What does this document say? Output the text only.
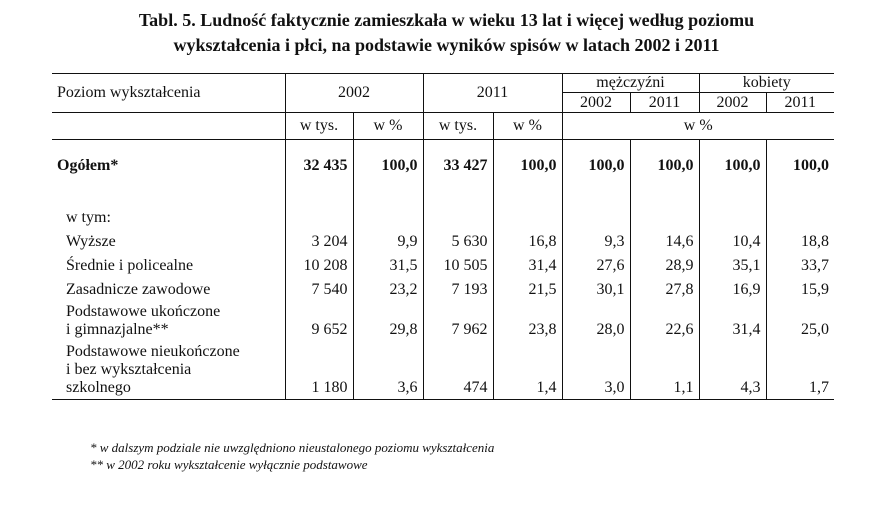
Tabl. 5. Ludność faktycznie zamieszkała w wieku 13 lat i więcej według poziomu
wykształcenia i płci, na podstawie wyników spisów w latach 2002 i 2011
Poziom wykształcenia	2002		2011		mężczyźni		kobiety	
					2002	2011	2002	2011
	w tys.	w %	w tys.	w %	w %			
Ogółem*	32 435	100,0	33 427	100,0	100,0	100,0	100,0	100,0
w tym:								
Wyższe	3 204	9,9	5 630	16,8	9,3	14,6	10,4	18,8
Średnie i policealne	10 208	31,5	10 505	31,4	27,6	28,9	35,1	33,7
Zasadnicze zawodowe	7 540	23,2	7 193	21,5	30,1	27,8	16,9	15,9

Podstawowe ukończone
i gimnazjalne**	9 652	29,8	7 962	23,8	28,0	22,6	31,4	25,0

Podstawowe nieukończone
i bez wykształcenia
szkolnego	1 180	3,6	474	1,4	3,0	1,1	4,3	1,7
* w dalszym podziale nie uwzględniono nieustalonego poziomu wykształcenia
** w 2002 roku wykształcenie wyłącznie podstawowe
